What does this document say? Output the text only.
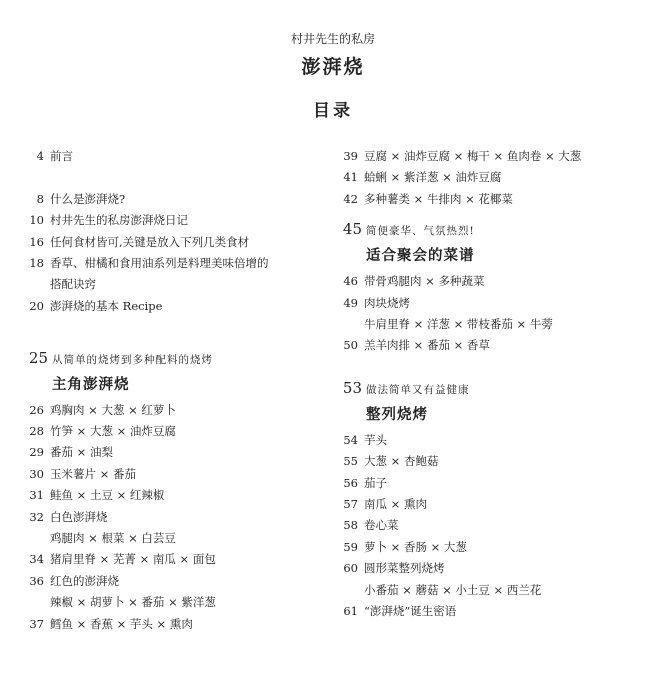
村井先生的私房
澎湃烧
目录
4 前言
8 什么是澎湃烧?
10 村井先生的私房澎湃烧日记
16 任何食材皆可,关键是放入下列几类食材
18 香草、柑橘和食用油系列是料理美味倍增的
搭配诀窍
20 澎湃烧的基本 Recipe
25 从简单的烧烤到多种配料的烧烤
主角澎湃烧
26 鸡胸肉 × 大葱 × 红萝卜
28 竹笋 × 大葱 × 油炸豆腐
29 番茄 × 油梨
30 玉米薯片 × 番茄
31 鲑鱼 × 土豆 × 红辣椒
32 白色澎湃烧
鸡腿肉 × 根菜 × 白芸豆
34 猪肩里脊 × 芜菁 × 南瓜 × 面包
36 红色的澎湃烧
辣椒 × 胡萝卜 × 番茄 × 紫洋葱
37 鳕鱼 × 香蕉 × 芋头 × 熏肉
39 豆腐 × 油炸豆腐 × 梅干 × 鱼肉卷 × 大葱
41 蛤蜊 × 紫洋葱 × 油炸豆腐
42 多种薯类 × 牛排肉 × 花椰菜
45 简便豪华、气氛热烈!
适合聚会的菜谱
46 带骨鸡腿肉 × 多种蔬菜
49 肉块烧烤
牛肩里脊 × 洋葱 × 带枝番茄 × 牛蒡
50 羔羊肉排 × 番茄 × 香草
53 做法简单又有益健康
整列烧烤
54 芋头
55 大葱 × 杏鲍菇
56 茄子
57 南瓜 × 熏肉
58 卷心菜
59 萝卜 × 香肠 × 大葱
60 圆形菜整列烧烤
小番茄 × 蘑菇 × 小土豆 × 西兰花
61 “澎湃烧”诞生密语
